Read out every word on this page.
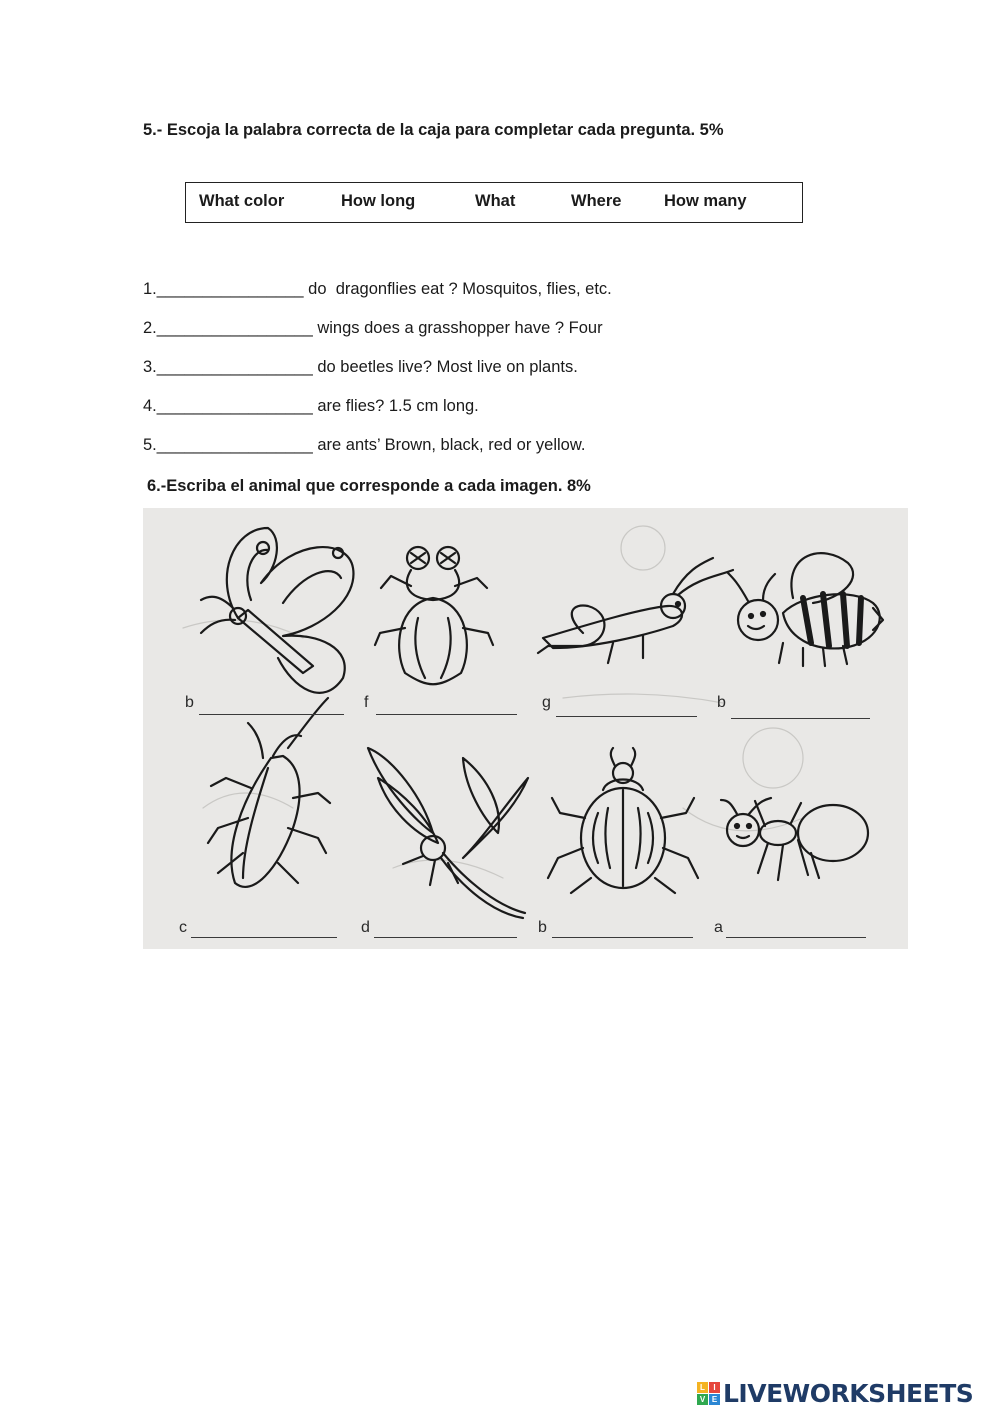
5.- Escoja la palabra correcta de la caja para completar cada pregunta. 5%
What color	How long	What	Where	How many
1.________________ do  dragonflies eat ? Mosquitos, flies, etc.
2._________________ wings does a grasshopper have ? Four
3._________________ do beetles live? Most live on plants.
4._________________ are flies? 1.5 cm long.
5._________________ are ants’ Brown, black, red or yellow.
6.-Escriba el animal que corresponde a cada imagen. 8%
b	f	g	b
c	d	b	a
L	I
V E LIVEWORKSHEETS
